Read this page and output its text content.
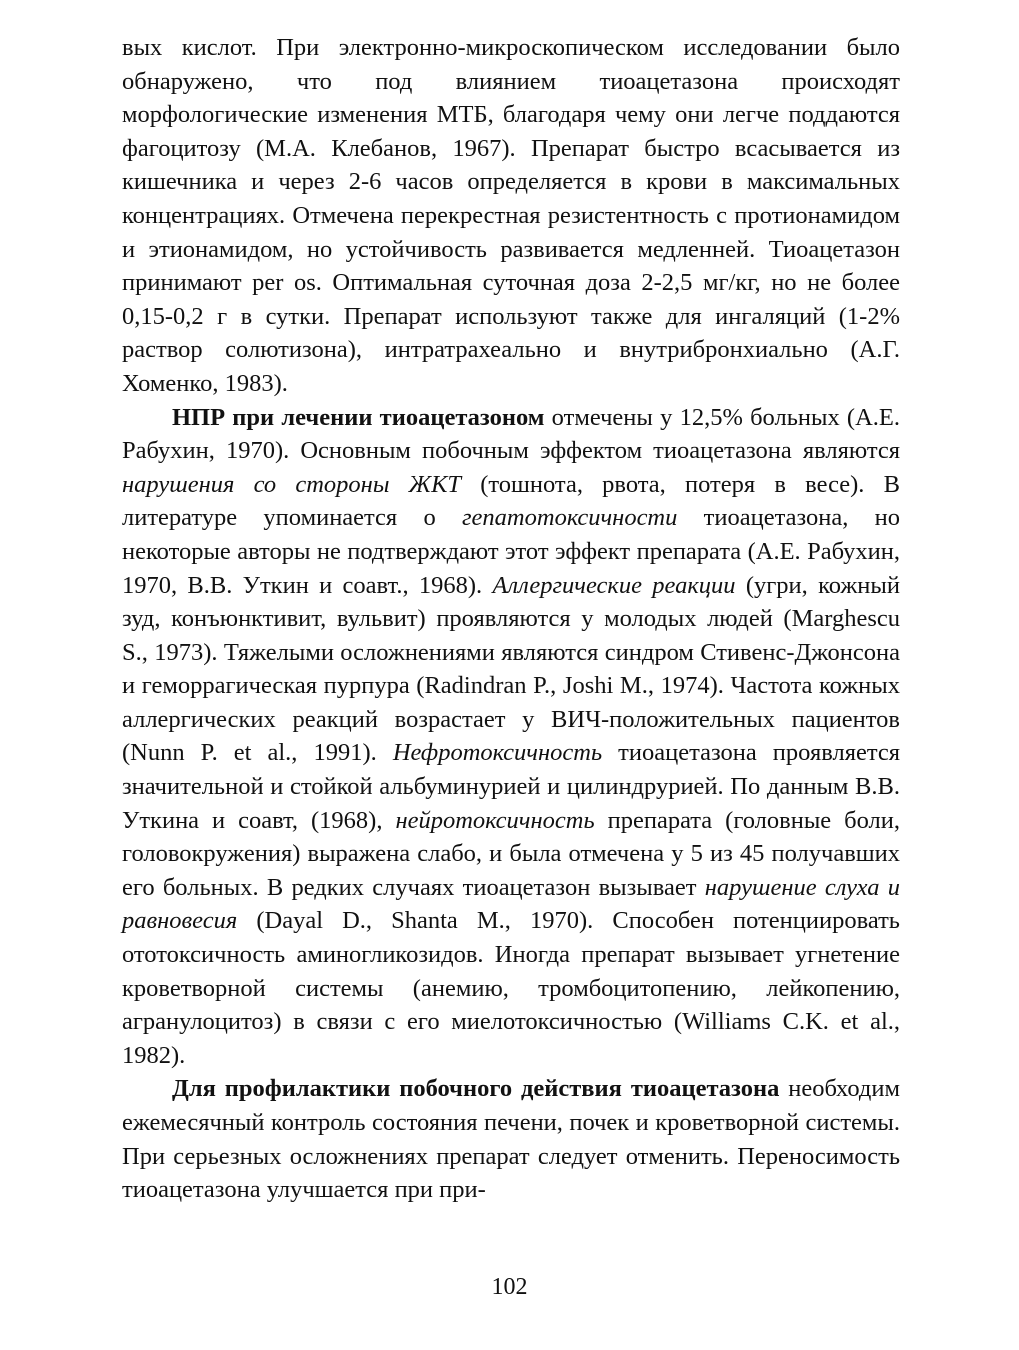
вых кислот. При электронно-микроскопическом исследовании было обнаружено, что под влиянием тиоацетазона происходят морфологические изменения МТБ, благодаря чему они легче поддаются фагоцитозу (М.А. Клебанов, 1967). Препарат быстро всасывается из кишечника и через 2-6 часов определяется в крови в максимальных концентрациях. Отмечена перекрестная резистентность с протионамидом и этионамидом, но устойчивость развивается медленней. Тиоацетазон принимают per os. Оптимальная суточная доза 2-2,5 мг/кг, но не более 0,15-0,2 г в сутки. Препарат используют также для ингаляций (1-2% раствор солютизона), интратрахеально и внутрибронхиально (А.Г. Хоменко, 1983).

НПР при лечении тиоацетазоном отмечены у 12,5% больных (А.Е. Рабухин, 1970). Основным побочным эффектом тиоацетазона являются нарушения со стороны ЖКТ (тошнота, рвота, потеря в весе). В литературе упоминается о гепатотоксичности тиоацетазона, но некоторые авторы не подтверждают этот эффект препарата (А.Е. Рабухин, 1970, В.В. Уткин и соавт., 1968). Аллергические реакции (угри, кожный зуд, конъюнктивит, вульвит) проявляются у молодых людей (Marghescu S., 1973). Тяжелыми осложнениями являются синдром Стивенс-Джонсона и геморрагическая пурпура (Radindran P., Joshi M., 1974). Частота кожных аллергических реакций возрастает у ВИЧ-положительных пациентов (Nunn P. et al., 1991). Нефротоксичность тиоацетазона проявляется значительной и стойкой альбуминурией и цилиндрурией. По данным В.В. Уткина и соавт, (1968), нейротоксичность препарата (головные боли, головокружения) выражена слабо, и была отмечена у 5 из 45 получавших его больных. В редких случаях тиоацетазон вызывает нарушение слуха и равновесия (Dayal D., Shanta M., 1970). Способен потенциировать ототоксичность аминогликозидов. Иногда препарат вызывает угнетение кроветворной системы (анемию, тромбоцитопению, лейкопению, агранулоцитоз) в связи с его миелотоксичностью (Williams C.K. et al., 1982).

Для профилактики побочного действия тиоацетазона необходим ежемесячный контроль состояния печени, почек и кроветворной системы. При серьезных осложнениях препарат следует отменить. Переносимость тиоацетазона улучшается при при-

102
